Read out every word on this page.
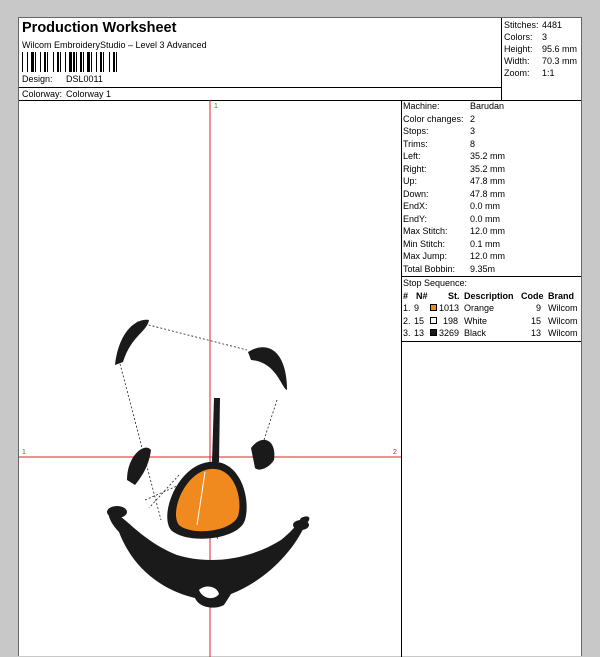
Production Worksheet
Wilcom EmbroideryStudio – Level 3 Advanced
Design: DSL0011
Colorway: Colorway 1
Stitches: 4481
Colors: 3
Height: 95.6 mm
Width: 70.3 mm
Zoom: 1:1
1
1	2
Machine:	Barudan
Color changes: 2
Stops:	3
Trims:	8
Left:	35.2 mm
Right:	35.2 mm
Up:	47.8 mm
Down:	47.8 mm
EndX:	0.0 mm
EndY:	0.0 mm
Max Stitch: 12.0 mm
Min Stitch:	0.1 mm
Max Jump:	12.0 mm
Total Bobbin: 9.35m
Stop Sequence:
# N# St. Description Code Brand
1. 9 1013 Orange	9 Wilcom
2. 15 198 White	15 Wilcom
3. 13 3269 Black	13 Wilcom
